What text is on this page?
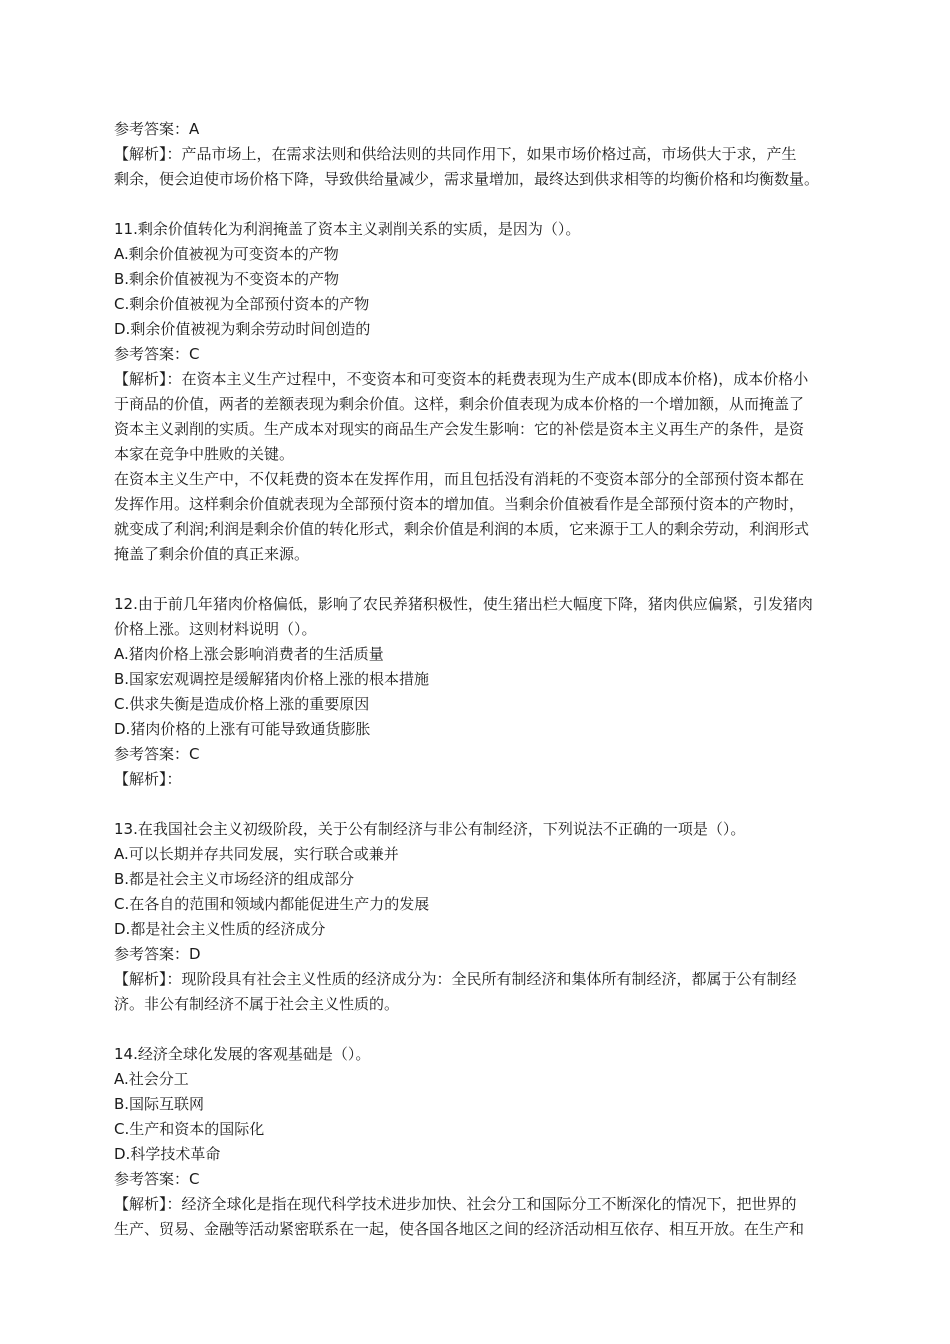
参考答案：A
【解析】：产品市场上，在需求法则和供给法则的共同作用下，如果市场价格过高，市场供大于求，产生
剩余，便会迫使市场价格下降，导致供给量减少，需求量增加，最终达到供求相等的均衡价格和均衡数量。
11.剩余价值转化为利润掩盖了资本主义剥削关系的实质，是因为（）。
A.剩余价值被视为可变资本的产物
B.剩余价值被视为不变资本的产物
C.剩余价值被视为全部预付资本的产物
D.剩余价值被视为剩余劳动时间创造的
参考答案：C
【解析】：在资本主义生产过程中，不变资本和可变资本的耗费表现为生产成本(即成本价格)，成本价格小
于商品的价值，两者的差额表现为剩余价值。这样，剩余价值表现为成本价格的一个增加额，从而掩盖了
资本主义剥削的实质。生产成本对现实的商品生产会发生影响：它的补偿是资本主义再生产的条件，是资
本家在竞争中胜败的关键。
在资本主义生产中，不仅耗费的资本在发挥作用，而且包括没有消耗的不变资本部分的全部预付资本都在
发挥作用。这样剩余价值就表现为全部预付资本的增加值。当剩余价值被看作是全部预付资本的产物时，
就变成了利润;利润是剩余价值的转化形式，剩余价值是利润的本质，它来源于工人的剩余劳动，利润形式
掩盖了剩余价值的真正来源。
12.由于前几年猪肉价格偏低，影响了农民养猪积极性，使生猪出栏大幅度下降，猪肉供应偏紧，引发猪肉
价格上涨。这则材料说明（）。
A.猪肉价格上涨会影响消费者的生活质量
B.国家宏观调控是缓解猪肉价格上涨的根本措施
C.供求失衡是造成价格上涨的重要原因
D.猪肉价格的上涨有可能导致通货膨胀
参考答案：C
【解析】：
13.在我国社会主义初级阶段，关于公有制经济与非公有制经济，下列说法不正确的一项是（）。
A.可以长期并存共同发展，实行联合或兼并
B.都是社会主义市场经济的组成部分
C.在各自的范围和领域内都能促进生产力的发展
D.都是社会主义性质的经济成分
参考答案：D
【解析】：现阶段具有社会主义性质的经济成分为：全民所有制经济和集体所有制经济，都属于公有制经
济。非公有制经济不属于社会主义性质的。
14.经济全球化发展的客观基础是（）。
A.社会分工
B.国际互联网
C.生产和资本的国际化
D.科学技术革命
参考答案：C
【解析】：经济全球化是指在现代科学技术进步加快、社会分工和国际分工不断深化的情况下，把世界的
生产、贸易、金融等活动紧密联系在一起，使各国各地区之间的经济活动相互依存、相互开放。在生产和
